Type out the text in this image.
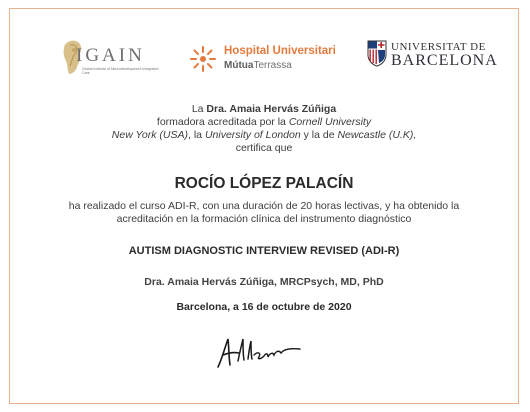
IGAIN
Global Institute of Neurodevelopment Integrated Care
Hospital Universitari
MútuaTerrassa
UNIVERSITAT DE
BARCELONA
La Dra. Amaia Hervás Zúñiga
formadora acreditada por la Cornell University
New York (USA), la University of London y la de Newcastle (U.K),
certifica que
ROCÍO LÓPEZ PALACÍN
ha realizado el curso ADI-R, con una duración de 20 horas lectivas, y ha obtenido la
acreditación en la formación clínica del instrumento diagnóstico
AUTISM DIAGNOSTIC INTERVIEW REVISED (ADI-R)
Dra. Amaia Hervás Zúñiga, MRCPsych, MD, PhD
Barcelona, a 16 de octubre de 2020
